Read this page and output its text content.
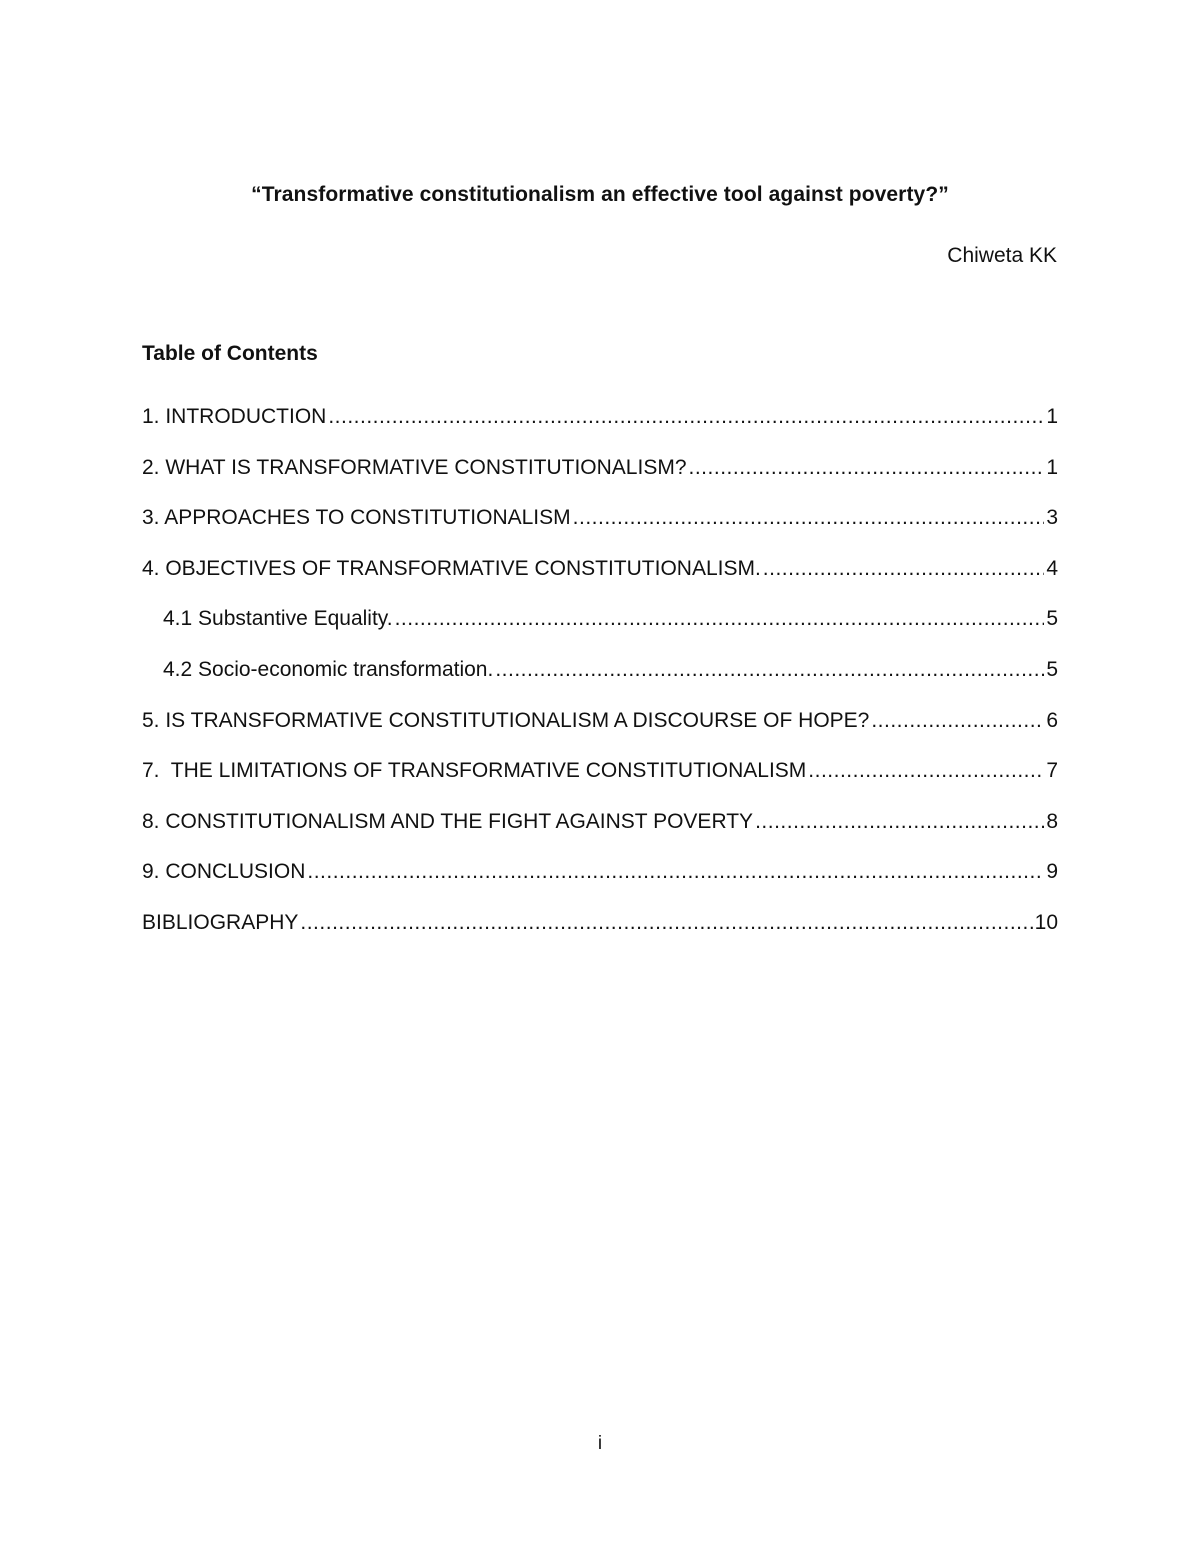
“Transformative constitutionalism an effective tool against poverty?”
Chiweta KK
Table of Contents
1. INTRODUCTION .....	1
2. WHAT IS TRANSFORMATIVE CONSTITUTIONALISM? .....	1
3. APPROACHES TO CONSTITUTIONALISM .....	3
4. OBJECTIVES OF TRANSFORMATIVE CONSTITUTIONALISM. .....	4
4.1 Substantive Equality. .....	5
4.2 Socio-economic transformation. .....	5
5. IS TRANSFORMATIVE CONSTITUTIONALISM A DISCOURSE OF HOPE? .....	6
7.  THE LIMITATIONS OF TRANSFORMATIVE CONSTITUTIONALISM .....	7
8. CONSTITUTIONALISM AND THE FIGHT AGAINST POVERTY .....	8
9. CONCLUSION .....	9
BIBLIOGRAPHY .....	10
i
